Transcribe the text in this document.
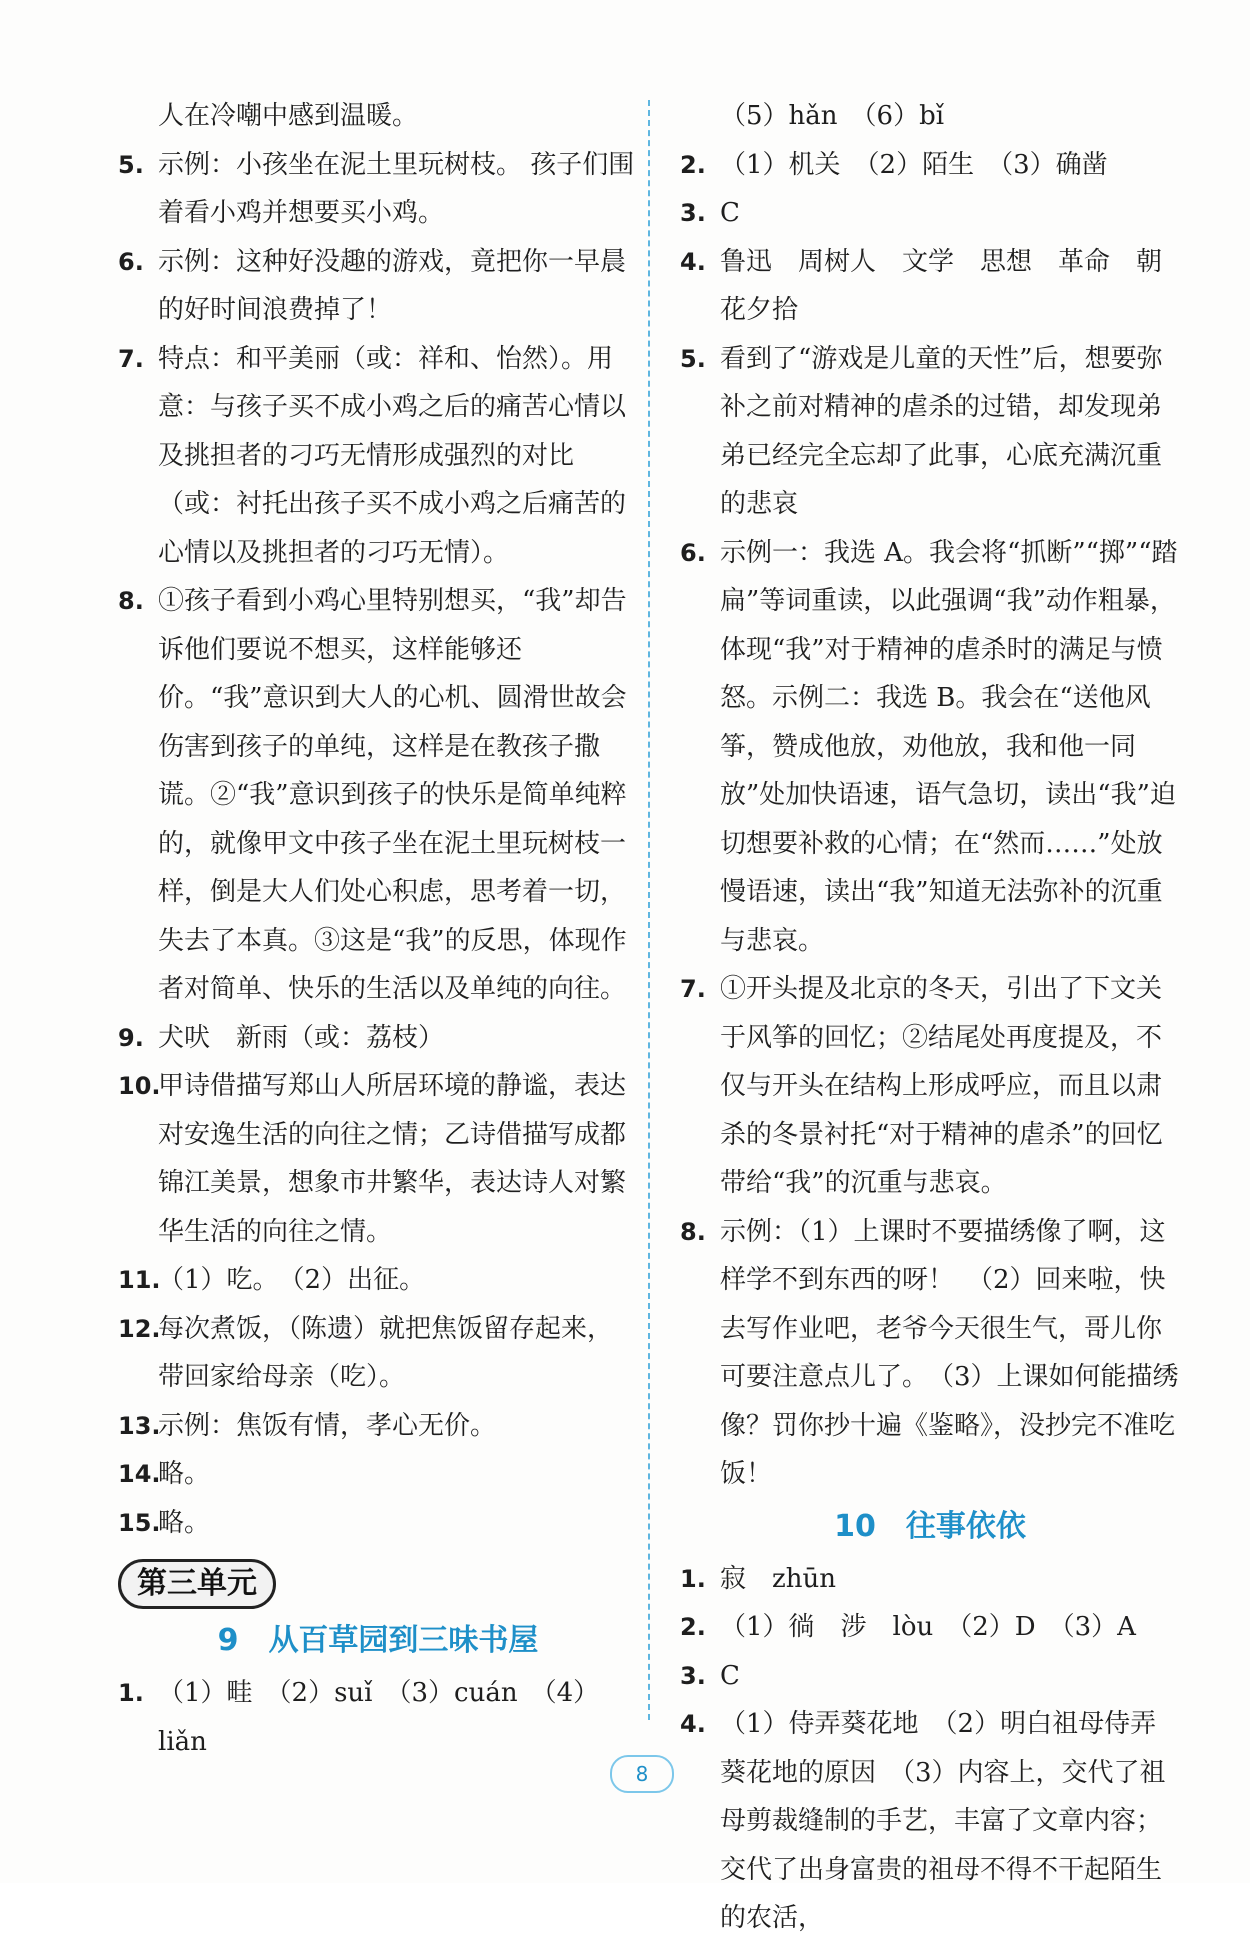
人在冷嘲中感到温暖。
5. 示例：小孩坐在泥土里玩树枝。 孩子们围着看小鸡并想要买小鸡。
6. 示例：这种好没趣的游戏，竟把你一早晨的好时间浪费掉了！
7. 特点：和平美丽（或：祥和、怡然）。用意：与孩子买不成小鸡之后的痛苦心情以及挑担者的刁巧无情形成强烈的对比（或：衬托出孩子买不成小鸡之后痛苦的心情以及挑担者的刁巧无情）。
8. ①孩子看到小鸡心里特别想买，“我”却告诉他们要说不想买，这样能够还价。“我”意识到大人的心机、圆滑世故会伤害到孩子的单纯，这样是在教孩子撒谎。②“我”意识到孩子的快乐是简单纯粹的，就像甲文中孩子坐在泥土里玩树枝一样，倒是大人们处心积虑，思考着一切，失去了本真。③这是“我”的反思，体现作者对简单、快乐的生活以及单纯的向往。
9. 犬吠　新雨（或：荔枝）
10.
甲诗借描写郑山人所居环境的静谧，表达对安逸生活的向往之情；乙诗借描写成都锦江美景，想象市井繁华，表达诗人对繁华生活的向往之情。
11.
（1）吃。　（2）出征。
12.
每次煮饭，（陈遗）就把焦饭留存起来，带回家给母亲（吃）。
13.
示例：焦饭有情，孝心无价。
14.
略。
15.
略。
第三单元
9 从百草园到三味书屋
1. （1）畦　（2）suǐ　（3）cuán　（4）liǎn
（5）hǎn　（6）bǐ
2. （1）机关　（2）陌生　（3）确凿
3. C
4. 鲁迅　周树人　文学　思想　革命　朝花夕拾
5. 看到了“游戏是儿童的天性”后，想要弥补之前对精神的虐杀的过错，却发现弟弟已经完全忘却了此事，心底充满沉重的悲哀
6. 示例一：我选 A。我会将“抓断”“掷”“踏扁”等词重读，以此强调“我”动作粗暴，体现“我”对于精神的虐杀时的满足与愤怒。示例二：我选 B。我会在“送他风筝，赞成他放，劝他放，我和他一同放”处加快语速，语气急切，读出“我”迫切想要补救的心情；在“然而……”处放慢语速，读出“我”知道无法弥补的沉重与悲哀。
7. ①开头提及北京的冬天，引出了下文关于风筝的回忆；②结尾处再度提及，不仅与开头在结构上形成呼应，而且以肃杀的冬景衬托“对于精神的虐杀”的回忆带给“我”的沉重与悲哀。
8. 示例：（1）上课时不要描绣像了啊，这样学不到东西的呀！　（2）回来啦，快去写作业吧，老爷今天很生气，哥儿你可要注意点儿了。　（3）上课如何能描绣像？罚你抄十遍《鉴略》，没抄完不准吃饭！
10 往事依依
1. 寂　zhūn
2. （1）徜　涉　lòu　（2）D　（3）A
3. C
4. （1）侍弄葵花地　（2）明白祖母侍弄葵花地的原因　（3）内容上，交代了祖母剪裁缝制的手艺，丰富了文章内容；交代了出身富贵的祖母不得不干起陌生的农活，
8
